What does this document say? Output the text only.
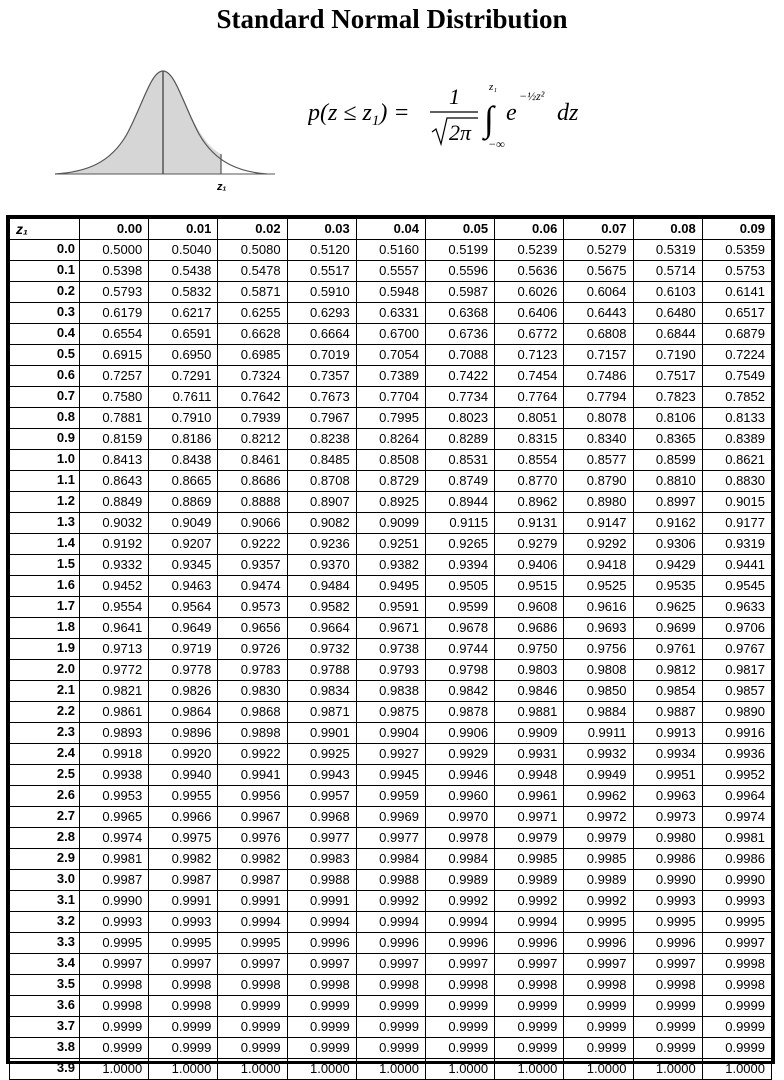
Standard Normal Distribution
z₁
$p(z \le z_1)$ =
1
2π ∫
z₁
−∞
e
−½z²
dz
z₁	0.00	0.01	0.02	0.03	0.04	0.05	0.06	0.07	0.08	0.09
0.0	0.5000	0.5040	0.5080	0.5120	0.5160	0.5199	0.5239	0.5279	0.5319	0.5359
0.1	0.5398	0.5438	0.5478	0.5517	0.5557	0.5596	0.5636	0.5675	0.5714	0.5753
0.2	0.5793	0.5832	0.5871	0.5910	0.5948	0.5987	0.6026	0.6064	0.6103	0.6141
0.3	0.6179	0.6217	0.6255	0.6293	0.6331	0.6368	0.6406	0.6443	0.6480	0.6517
0.4	0.6554	0.6591	0.6628	0.6664	0.6700	0.6736	0.6772	0.6808	0.6844	0.6879
0.5	0.6915	0.6950	0.6985	0.7019	0.7054	0.7088	0.7123	0.7157	0.7190	0.7224
0.6	0.7257	0.7291	0.7324	0.7357	0.7389	0.7422	0.7454	0.7486	0.7517	0.7549
0.7	0.7580	0.7611	0.7642	0.7673	0.7704	0.7734	0.7764	0.7794	0.7823	0.7852
0.8	0.7881	0.7910	0.7939	0.7967	0.7995	0.8023	0.8051	0.8078	0.8106	0.8133
0.9	0.8159	0.8186	0.8212	0.8238	0.8264	0.8289	0.8315	0.8340	0.8365	0.8389
1.0	0.8413	0.8438	0.8461	0.8485	0.8508	0.8531	0.8554	0.8577	0.8599	0.8621
1.1	0.8643	0.8665	0.8686	0.8708	0.8729	0.8749	0.8770	0.8790	0.8810	0.8830
1.2	0.8849	0.8869	0.8888	0.8907	0.8925	0.8944	0.8962	0.8980	0.8997	0.9015
1.3	0.9032	0.9049	0.9066	0.9082	0.9099	0.9115	0.9131	0.9147	0.9162	0.9177
1.4	0.9192	0.9207	0.9222	0.9236	0.9251	0.9265	0.9279	0.9292	0.9306	0.9319
1.5	0.9332	0.9345	0.9357	0.9370	0.9382	0.9394	0.9406	0.9418	0.9429	0.9441
1.6	0.9452	0.9463	0.9474	0.9484	0.9495	0.9505	0.9515	0.9525	0.9535	0.9545
1.7	0.9554	0.9564	0.9573	0.9582	0.9591	0.9599	0.9608	0.9616	0.9625	0.9633
1.8	0.9641	0.9649	0.9656	0.9664	0.9671	0.9678	0.9686	0.9693	0.9699	0.9706
1.9	0.9713	0.9719	0.9726	0.9732	0.9738	0.9744	0.9750	0.9756	0.9761	0.9767
2.0	0.9772	0.9778	0.9783	0.9788	0.9793	0.9798	0.9803	0.9808	0.9812	0.9817
2.1	0.9821	0.9826	0.9830	0.9834	0.9838	0.9842	0.9846	0.9850	0.9854	0.9857
2.2	0.9861	0.9864	0.9868	0.9871	0.9875	0.9878	0.9881	0.9884	0.9887	0.9890
2.3	0.9893	0.9896	0.9898	0.9901	0.9904	0.9906	0.9909	0.9911	0.9913	0.9916
2.4	0.9918	0.9920	0.9922	0.9925	0.9927	0.9929	0.9931	0.9932	0.9934	0.9936
2.5	0.9938	0.9940	0.9941	0.9943	0.9945	0.9946	0.9948	0.9949	0.9951	0.9952
2.6	0.9953	0.9955	0.9956	0.9957	0.9959	0.9960	0.9961	0.9962	0.9963	0.9964
2.7	0.9965	0.9966	0.9967	0.9968	0.9969	0.9970	0.9971	0.9972	0.9973	0.9974
2.8	0.9974	0.9975	0.9976	0.9977	0.9977	0.9978	0.9979	0.9979	0.9980	0.9981
2.9	0.9981	0.9982	0.9982	0.9983	0.9984	0.9984	0.9985	0.9985	0.9986	0.9986
3.0	0.9987	0.9987	0.9987	0.9988	0.9988	0.9989	0.9989	0.9989	0.9990	0.9990
3.1	0.9990	0.9991	0.9991	0.9991	0.9992	0.9992	0.9992	0.9992	0.9993	0.9993
3.2	0.9993	0.9993	0.9994	0.9994	0.9994	0.9994	0.9994	0.9995	0.9995	0.9995
3.3	0.9995	0.9995	0.9995	0.9996	0.9996	0.9996	0.9996	0.9996	0.9996	0.9997
3.4	0.9997	0.9997	0.9997	0.9997	0.9997	0.9997	0.9997	0.9997	0.9997	0.9998
3.5	0.9998	0.9998	0.9998	0.9998	0.9998	0.9998	0.9998	0.9998	0.9998	0.9998
3.6	0.9998	0.9998	0.9999	0.9999	0.9999	0.9999	0.9999	0.9999	0.9999	0.9999
3.7	0.9999	0.9999	0.9999	0.9999	0.9999	0.9999	0.9999	0.9999	0.9999	0.9999
3.8	0.9999	0.9999	0.9999	0.9999	0.9999	0.9999	0.9999	0.9999	0.9999	0.9999
3.9	1.0000	1.0000	1.0000	1.0000	1.0000	1.0000	1.0000	1.0000	1.0000	1.0000
